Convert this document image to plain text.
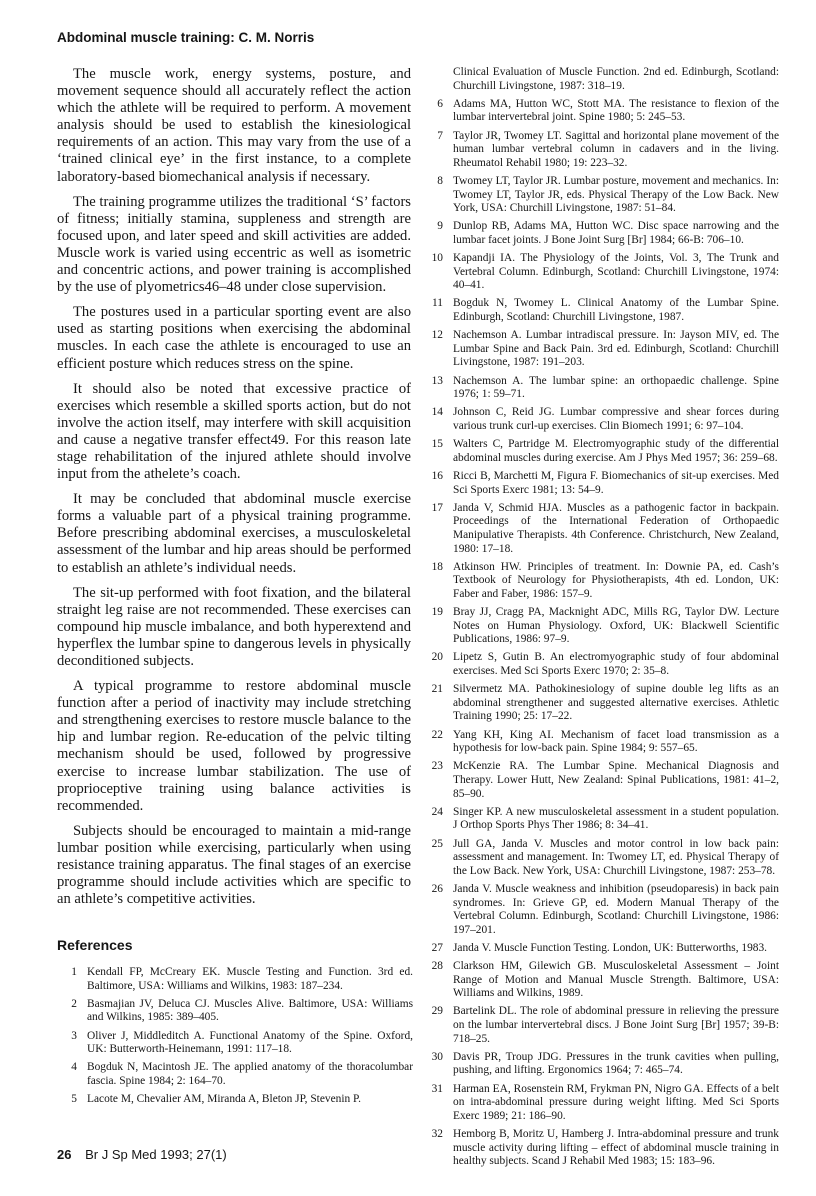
Abdominal muscle training: C. M. Norris

The muscle work, energy systems, posture, and movement sequence should all accurately reflect the action which the athlete will be required to perform. A movement analysis should be used to establish the kinesiological requirements of an action. This may vary from the use of a ‘trained clinical eye’ in the first instance, to a complete laboratory-based biomechanical analysis if necessary.

The training programme utilizes the traditional ‘S’ factors of fitness; initially stamina, suppleness and strength are focused upon, and later speed and skill activities are added. Muscle work is varied using eccentric as well as isometric and concentric actions, and power training is accomplished by the use of plyometrics46–48 under close supervision.

The postures used in a particular sporting event are also used as starting positions when exercising the abdominal muscles. In each case the athlete is encouraged to use an efficient posture which reduces stress on the spine.

It should also be noted that excessive practice of exercises which resemble a skilled sports action, but do not involve the action itself, may interfere with skill acquisition and cause a negative transfer effect49. For this reason late stage rehabilitation of the injured athlete should involve input from the athelete’s coach.

It may be concluded that abdominal muscle exercise forms a valuable part of a physical training programme. Before prescribing abdominal exercises, a musculoskeletal assessment of the lumbar and hip areas should be performed to establish an athlete’s individual needs.

The sit-up performed with foot fixation, and the bilateral straight leg raise are not recommended. These exercises can compound hip muscle imbalance, and both hyperextend and hyperflex the lumbar spine to dangerous levels in physically deconditioned subjects.

A typical programme to restore abdominal muscle function after a period of inactivity may include stretching and strengthening exercises to restore muscle balance to the hip and lumbar region. Re-education of the pelvic tilting mechanism should be used, followed by progressive exercise to increase lumbar stabilization. The use of proprioceptive training using balance activities is recommended.

Subjects should be encouraged to maintain a mid-range lumbar position while exercising, particularly when using resistance training apparatus. The final stages of an exercise programme should include activities which are specific to an athlete’s competitive activities.

References
1 Kendall FP, McCreary EK. Muscle Testing and Function. 3rd ed. Baltimore, USA: Williams and Wilkins, 1983: 187–234.
2 Basmajian JV, Deluca CJ. Muscles Alive. Baltimore, USA: Williams and Wilkins, 1985: 389–405.
3 Oliver J, Middleditch A. Functional Anatomy of the Spine. Oxford, UK: Butterworth-Heinemann, 1991: 117–18.
4 Bogduk N, Macintosh JE. The applied anatomy of the thoracolumbar fascia. Spine 1984; 2: 164–70.
5 Lacote M, Chevalier AM, Miranda A, Bleton JP, Stevenin P.
Clinical Evaluation of Muscle Function. 2nd ed. Edinburgh, Scotland: Churchill Livingstone, 1987: 318–19.
6 Adams MA, Hutton WC, Stott MA. The resistance to flexion of the lumbar intervertebral joint. Spine 1980; 5: 245–53.
7 Taylor JR, Twomey LT. Sagittal and horizontal plane movement of the human lumbar vertebral column in cadavers and in the living. Rheumatol Rehabil 1980; 19: 223–32.
8 Twomey LT, Taylor JR. Lumbar posture, movement and mechanics. In: Twomey LT, Taylor JR, eds. Physical Therapy of the Low Back. New York, USA: Churchill Livingstone, 1987: 51–84.
9 Dunlop RB, Adams MA, Hutton WC. Disc space narrowing and the lumbar facet joints. J Bone Joint Surg [Br] 1984; 66-B: 706–10.
10 Kapandji IA. The Physiology of the Joints, Vol. 3, The Trunk and Vertebral Column. Edinburgh, Scotland: Churchill Livingstone, 1974: 40–41.
11 Bogduk N, Twomey L. Clinical Anatomy of the Lumbar Spine. Edinburgh, Scotland: Churchill Livingstone, 1987.
12 Nachemson A. Lumbar intradiscal pressure. In: Jayson MIV, ed. The Lumbar Spine and Back Pain. 3rd ed. Edinburgh, Scotland: Churchill Livingstone, 1987: 191–203.
13 Nachemson A. The lumbar spine: an orthopaedic challenge. Spine 1976; 1: 59–71.
14 Johnson C, Reid JG. Lumbar compressive and shear forces during various trunk curl-up exercises. Clin Biomech 1991; 6: 97–104.
15 Walters C, Partridge M. Electromyographic study of the differential abdominal muscles during exercise. Am J Phys Med 1957; 36: 259–68.
16 Ricci B, Marchetti M, Figura F. Biomechanics of sit-up exercises. Med Sci Sports Exerc 1981; 13: 54–9.
17 Janda V, Schmid HJA. Muscles as a pathogenic factor in backpain. Proceedings of the International Federation of Orthopaedic Manipulative Therapists. 4th Conference. Christchurch, New Zealand, 1980: 17–18.
18 Atkinson HW. Principles of treatment. In: Downie PA, ed. Cash’s Textbook of Neurology for Physiotherapists, 4th ed. London, UK: Faber and Faber, 1986: 157–9.
19 Bray JJ, Cragg PA, Macknight ADC, Mills RG, Taylor DW. Lecture Notes on Human Physiology. Oxford, UK: Blackwell Scientific Publications, 1986: 97–9.
20 Lipetz S, Gutin B. An electromyographic study of four abdominal exercises. Med Sci Sports Exerc 1970; 2: 35–8.
21 Silvermetz MA. Pathokinesiology of supine double leg lifts as an abdominal strengthener and suggested alternative exercises. Athletic Training 1990; 25: 17–22.
22 Yang KH, King AI. Mechanism of facet load transmission as a hypothesis for low-back pain. Spine 1984; 9: 557–65.
23 McKenzie RA. The Lumbar Spine. Mechanical Diagnosis and Therapy. Lower Hutt, New Zealand: Spinal Publications, 1981: 41–2, 85–90.
24 Singer KP. A new musculoskeletal assessment in a student population. J Orthop Sports Phys Ther 1986; 8: 34–41.
25 Jull GA, Janda V. Muscles and motor control in low back pain: assessment and management. In: Twomey LT, ed. Physical Therapy of the Low Back. New York, USA: Churchill Livingstone, 1987: 253–78.
26 Janda V. Muscle weakness and inhibition (pseudoparesis) in back pain syndromes. In: Grieve GP, ed. Modern Manual Therapy of the Vertebral Column. Edinburgh, Scotland: Churchill Livingstone, 1986: 197–201.
27 Janda V. Muscle Function Testing. London, UK: Butterworths, 1983.
28 Clarkson HM, Gilewich GB. Musculoskeletal Assessment – Joint Range of Motion and Manual Muscle Strength. Baltimore, USA: Williams and Wilkins, 1989.
29 Bartelink DL. The role of abdominal pressure in relieving the pressure on the lumbar intervertebral discs. J Bone Joint Surg [Br] 1957; 39-B: 718–25.
30 Davis PR, Troup JDG. Pressures in the trunk cavities when pulling, pushing, and lifting. Ergonomics 1964; 7: 465–74.
31 Harman EA, Rosenstein RM, Frykman PN, Nigro GA. Effects of a belt on intra-abdominal pressure during weight lifting. Med Sci Sports Exerc 1989; 21: 186–90.
32 Hemborg B, Moritz U, Hamberg J. Intra-abdominal pressure and trunk muscle activity during lifting – effect of abdominal muscle training in healthy subjects. Scand J Rehabil Med 1983; 15: 183–96.
26 Br J Sp Med 1993; 27(1)
